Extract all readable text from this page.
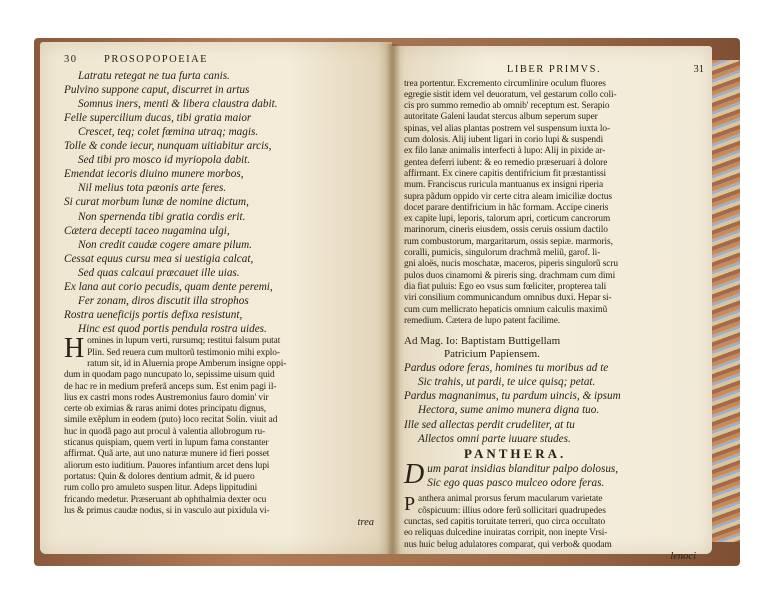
30	PROSOPOPOEIAE
Latratu retegat ne tua furta canis.
Pulvino suppone caput, discurret in artus
Somnus iners, menti & libera claustra dabit.
Felle supercilium ducas, tibi gratia maior
Crescet, teq; colet fœmina utraq; magis.
Tolle & conde iecur, nunquam uitiabitur arcis,
Sed tibi pro mosco id myriopola dabit.
Emendat iecoris diuino munere morbos,
Nil melius tota pæonis arte feres.
Si curat morbum lunæ de nomine dictum,
Non spernenda tibi gratia cordis erit.
Cætera decepti taceo nugamina ulgi,
Non credit caudæ cogere amare pilum.
Cessat equus cursu mea si uestigia calcat,
Sed quas calcaui præcauet ille uias.
Ex lana aut corio pecudis, quam dente peremi,
Fer zonam, diros discutit illa strophos
Rostra ueneficijs portis defixa resistunt,
Hinc est quod portis pendula rostra uides.
H omines in lupum verti, rursumq; restitui falsum putat
Plin. Sed reuera cum multorũ testimonio mihi explo-
ratum sit, id in Aluernia prope Amberum insigne oppi-
dum in quodam pago nuncupato lo, sepissime uisum quid
de hac re in medium preferã anceps sum. Est enim pagi il-
lius ex castri mons rodes Austremonius fauro domin' vir
certe ob eximias & raras animi dotes principatu dignus,
simile exẽplum in eodem (puto) loco recitat Solin. viuit ad
huc in quodã pago aut procul à valentia allobrogum ru-
sticanus quispiam, quem verti in lupum fama constanter
affirmat. Quã arte, aut uno naturæ munere id fieri posset
aliorum esto iuditium. Pauores infantium arcet dens lupi
portatus: Quin & dolores dentium admit, & id puero
rum collo pro amuleto suspen litur. Adeps lippitudini
fricando medetur. Præseruant ab ophthalmia dexter ocu
lus & primus caudæ nodus, si in vasculo aut pixidula vi-
trea
LIBER PRIMVS.	31
trea portentur. Excremento circumlinire oculum fluores
egregie sistit idem vel deuoratum, vel gestarum collo coli-
cis pro summo remedio ab omnib' receptum est. Serapio
autoritate Galeni laudat stercus album seperum super
spinas, vel alias plantas postrem vel suspensum iuxta lo-
cum dolosis. Alij iubent ligari in corio lupi & suspendi
ex filo lanæ animalis interfecti à lupo: Alij in pixide ar-
gentea deferri iubent: & eo remedio præseruari à dolore
affirmant. Ex cinere capitis dentifricium fit præstantissi
mum. Franciscus ruricula mantuanus ex insigni riperia
supra pãdum oppido vir certe citra aleam imiciliæ doctus
docet parare dentifricium in hãc formam. Accipe cineris
ex capite lupi, leporis, talorum apri, corticum cancrorum
marinorum, cineris eiusdem, ossis ceruis ossium dactilo
rum combustorum, margaritarum, ossis sepiæ. marmoris,
coralli, pumicis, singulorum drachmã meliũ, garof. li-
gni aloës, nucis moschatæ, maceros, piperis singulorũ scru
pulos duos cinamomi & pireris sing. drachmam cum dimi
dia fiat puluis: Ego eo vsus sum fœliciter, propterea tali
viri consilium communicandum omnibus duxi. Hepar si-
cum cum mellicrato hepaticis omnium calculis maximũ
remedium. Cætera de lupo patent facilime.
Ad Mag. Io: Baptistam Buttigellam
Patricium Papiensem.
Pardus odore feras, homines tu moribus ad te
Sic trahis, ut pardi, te uice quisq; petat.
Pardus magnanimus, tu pardum uincis, & ipsum
Hectora, sume animo munera digna tuo.
Ille sed allectas perdit crudeliter, at tu
Allectos omni parte iuuare studes.
PANTHERA.
D um parat insidias blanditur palpo dolosus,
Sic ego quas pasco mulceo odore feras.
P anthera animal prorsus ferum macularum varietate
cõspicuum: illius odore ferũ sollicitari quadrupedes
cunctas, sed capitis toruitate terreri, quo circa occultato
eo reliquas dulcedine inuiratas corripit, non inepte Vrsi-
nus huic belug adulatores comparat, qui verbo& quodam
lenoci
